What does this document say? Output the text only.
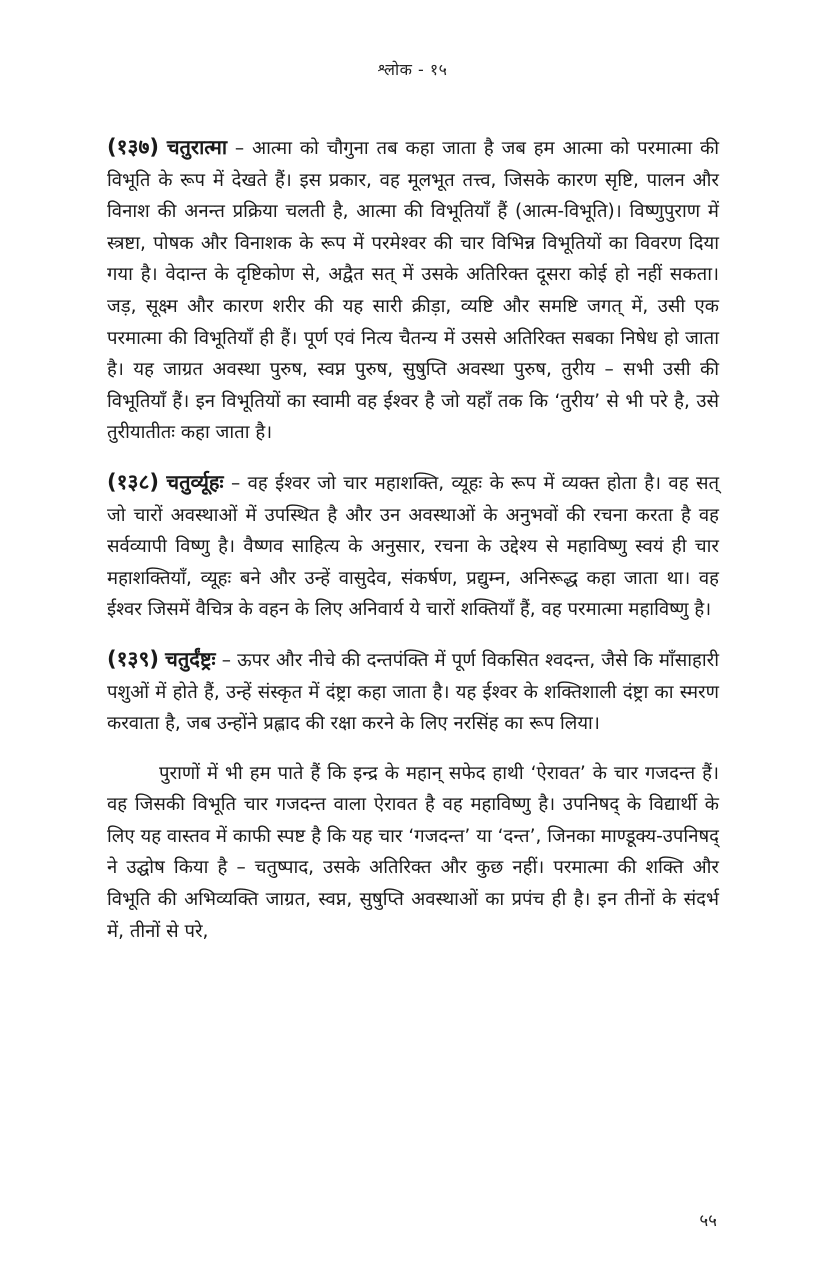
श्लोक - १५

(१३७) चतुरात्मा – आत्मा को चौगुना तब कहा जाता है जब हम आत्मा को परमात्मा की विभूति के रूप में देखते हैं। इस प्रकार, वह मूलभूत तत्त्व, जिसके कारण सृष्टि, पालन और विनाश की अनन्त प्रक्रिया चलती है, आत्मा की विभूतियाँ हैं (आत्म-विभूति)। विष्णुपुराण में स्त्रष्टा, पोषक और विनाशक के रूप में परमेश्वर की चार विभिन्न विभूतियों का विवरण दिया गया है। वेदान्त के दृष्टिकोण से, अद्वैत सत् में उसके अतिरिक्त दूसरा कोई हो नहीं सकता। जड़, सूक्ष्म और कारण शरीर की यह सारी क्रीड़ा, व्यष्टि और समष्टि जगत् में, उसी एक परमात्मा की विभूतियाँ ही हैं। पूर्ण एवं नित्य चैतन्य में उससे अतिरिक्त सबका निषेध हो जाता है। यह जाग्रत अवस्था पुरुष, स्वप्न पुरुष, सुषुप्ति अवस्था पुरुष, तुरीय – सभी उसी की विभूतियाँ हैं। इन विभूतियों का स्वामी वह ईश्वर है जो यहाँ तक कि ‘तुरीय’ से भी परे है, उसे तुरीयातीतः कहा जाता है।

(१३८) चतुर्व्यूहः – वह ईश्वर जो चार महाशक्ति, व्यूहः के रूप में व्यक्त होता है। वह सत् जो चारों अवस्थाओं में उपस्थित है और उन अवस्थाओं के अनुभवों की रचना करता है वह सर्वव्यापी विष्णु है। वैष्णव साहित्य के अनुसार, रचना के उद्देश्य से महाविष्णु स्वयं ही चार महाशक्तियाँ, व्यूहः बने और उन्हें वासुदेव, संकर्षण, प्रद्युम्न, अनिरूद्ध कहा जाता था। वह ईश्वर जिसमें वैचित्र के वहन के लिए अनिवार्य ये चारों शक्तियाँ हैं, वह परमात्मा महाविष्णु है।

(१३९) चतुर्दंष्ट्रः – ऊपर और नीचे की दन्तपंक्ति में पूर्ण विकसित श्वदन्त, जैसे कि माँसाहारी पशुओं में होते हैं, उन्हें संस्कृत में दंष्ट्रा कहा जाता है। यह ईश्वर के शक्तिशाली दंष्ट्रा का स्मरण करवाता है, जब उन्होंने प्रह्लाद की रक्षा करने के लिए नरसिंह का रूप लिया।

पुराणों में भी हम पाते हैं कि इन्द्र के महान् सफेद हाथी ‘ऐरावत’ के चार गजदन्त हैं। वह जिसकी विभूति चार गजदन्त वाला ऐरावत है वह महाविष्णु है। उपनिषद् के विद्यार्थी के लिए यह वास्तव में काफी स्पष्ट है कि यह चार ‘गजदन्त’ या ‘दन्त’, जिनका माण्डूक्य-उपनिषद् ने उद्घोष किया है – चतुष्पाद, उसके अतिरिक्त और कुछ नहीं। परमात्मा की शक्ति और विभूति की अभिव्यक्ति जाग्रत, स्वप्न, सुषुप्ति अवस्थाओं का प्रपंच ही है। इन तीनों के संदर्भ में, तीनों से परे,

५५
